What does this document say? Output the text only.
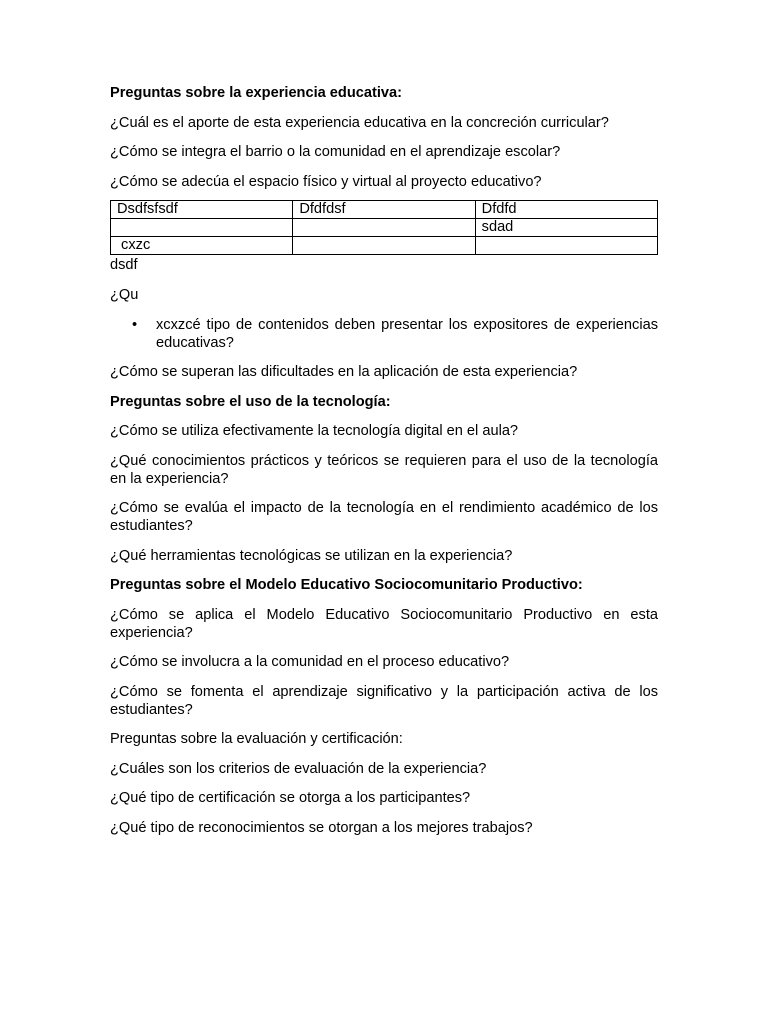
Preguntas sobre la experiencia educativa:

¿Cuál es el aporte de esta experiencia educativa en la concreción curricular?

¿Cómo se integra el barrio o la comunidad en el aprendizaje escolar?

¿Cómo se adecúa el espacio físico y virtual al proyecto educativo?

Dsdfsfsdf	Dfdfdsf	Dfdfd
		sdad
cxzc		

dsdf

¿Qu

• xcxzcé tipo de contenidos deben presentar los expositores de experiencias educativas?

¿Cómo se superan las dificultades en la aplicación de esta experiencia?

Preguntas sobre el uso de la tecnología:

¿Cómo se utiliza efectivamente la tecnología digital en el aula?

¿Qué conocimientos prácticos y teóricos se requieren para el uso de la tecnología en la experiencia?

¿Cómo se evalúa el impacto de la tecnología en el rendimiento académico de los estudiantes?

¿Qué herramientas tecnológicas se utilizan en la experiencia?

Preguntas sobre el Modelo Educativo Sociocomunitario Productivo:

¿Cómo se aplica el Modelo Educativo Sociocomunitario Productivo en esta experiencia?

¿Cómo se involucra a la comunidad en el proceso educativo?

¿Cómo se fomenta el aprendizaje significativo y la participación activa de los estudiantes?

Preguntas sobre la evaluación y certificación:

¿Cuáles son los criterios de evaluación de la experiencia?

¿Qué tipo de certificación se otorga a los participantes?

¿Qué tipo de reconocimientos se otorgan a los mejores trabajos?
